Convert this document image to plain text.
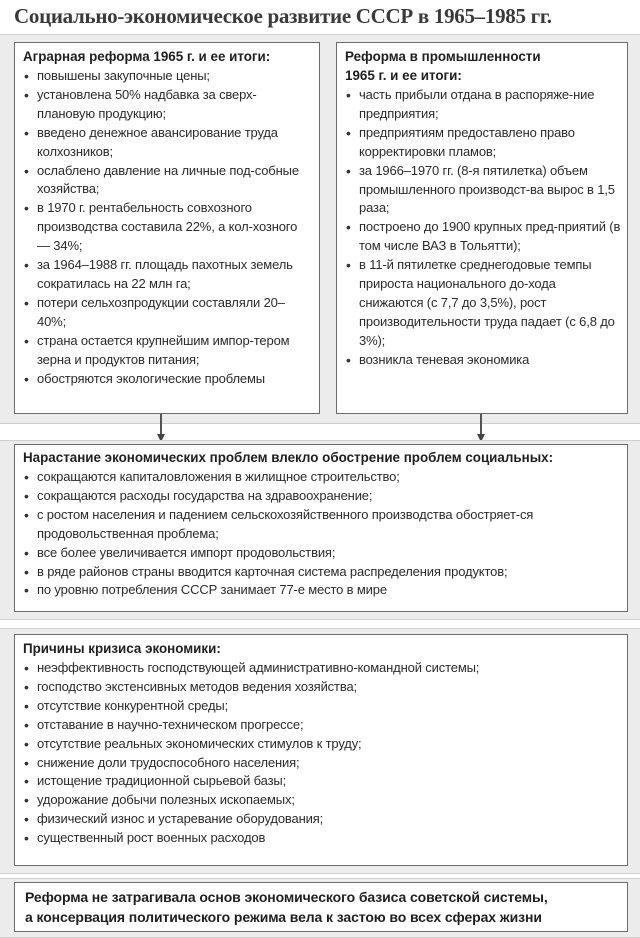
Социально-экономическое развитие СССР в 1965–1985 гг.
Аграрная реформа 1965 г. и ее итоги:
• повышены закупочные цены;
• установлена 50% надбавка за сверх-плановую продукцию;
• введено денежное авансирование труда колхозников;
• ослаблено давление на личные под-собные хозяйства;
• в 1970 г. рентабельность совхозного производства составила 22%, а кол-хозного — 34%;
• за 1964–1988 гг. площадь пахотных земель сократилась на 22 млн га;
• потери сельхозпродукции составляли 20–40%;
• страна остается крупнейшим импор-тером зерна и продуктов питания;
• обостряются экологические проблемы
Реформа в промышленности 1965 г. и ее итоги:
• часть прибыли отдана в распоряже-ние предприятия;
• предприятиям предоставлено право корректировки пламов;
• за 1966–1970 гг. (8-я пятилетка) объем промышленного производст-ва вырос в 1,5 раза;
• построено до 1900 крупных пред-приятий (в том числе ВАЗ в Тольятти);
• в 11-й пятилетке среднегодовые темпы прироста национального до-хода снижаются (с 7,7 до 3,5%), рост производительности труда падает (с 6,8 до 3%);
• возникла теневая экономика
Нарастание экономических проблем влекло обострение проблем социальных:
• сокращаются капиталовложения в жилищное строительство;
• сокращаются расходы государства на здравоохранение;
• с ростом населения и падением сельскохозяйственного производства обостряет-ся продовольственная проблема;
• все более увеличивается импорт продовольствия;
• в ряде районов страны вводится карточная система распределения продуктов;
• по уровню потребления СССР занимает 77-е место в мире
Причины кризиса экономики:
• неэффективность господствующей административно-командной системы;
• господство экстенсивных методов ведения хозяйства;
• отсутствие конкурентной среды;
• отставание в научно-техническом прогрессе;
• отсутствие реальных экономических стимулов к труду;
• снижение доли трудоспособного населения;
• истощение традиционной сырьевой базы;
• удорожание добычи полезных ископаемых;
• физический износ и устаревание оборудования;
• существенный рост военных расходов
Реформа не затрагивала основ экономического базиса советской системы,
а консервация политического режима вела к застою во всех сферах жизни
